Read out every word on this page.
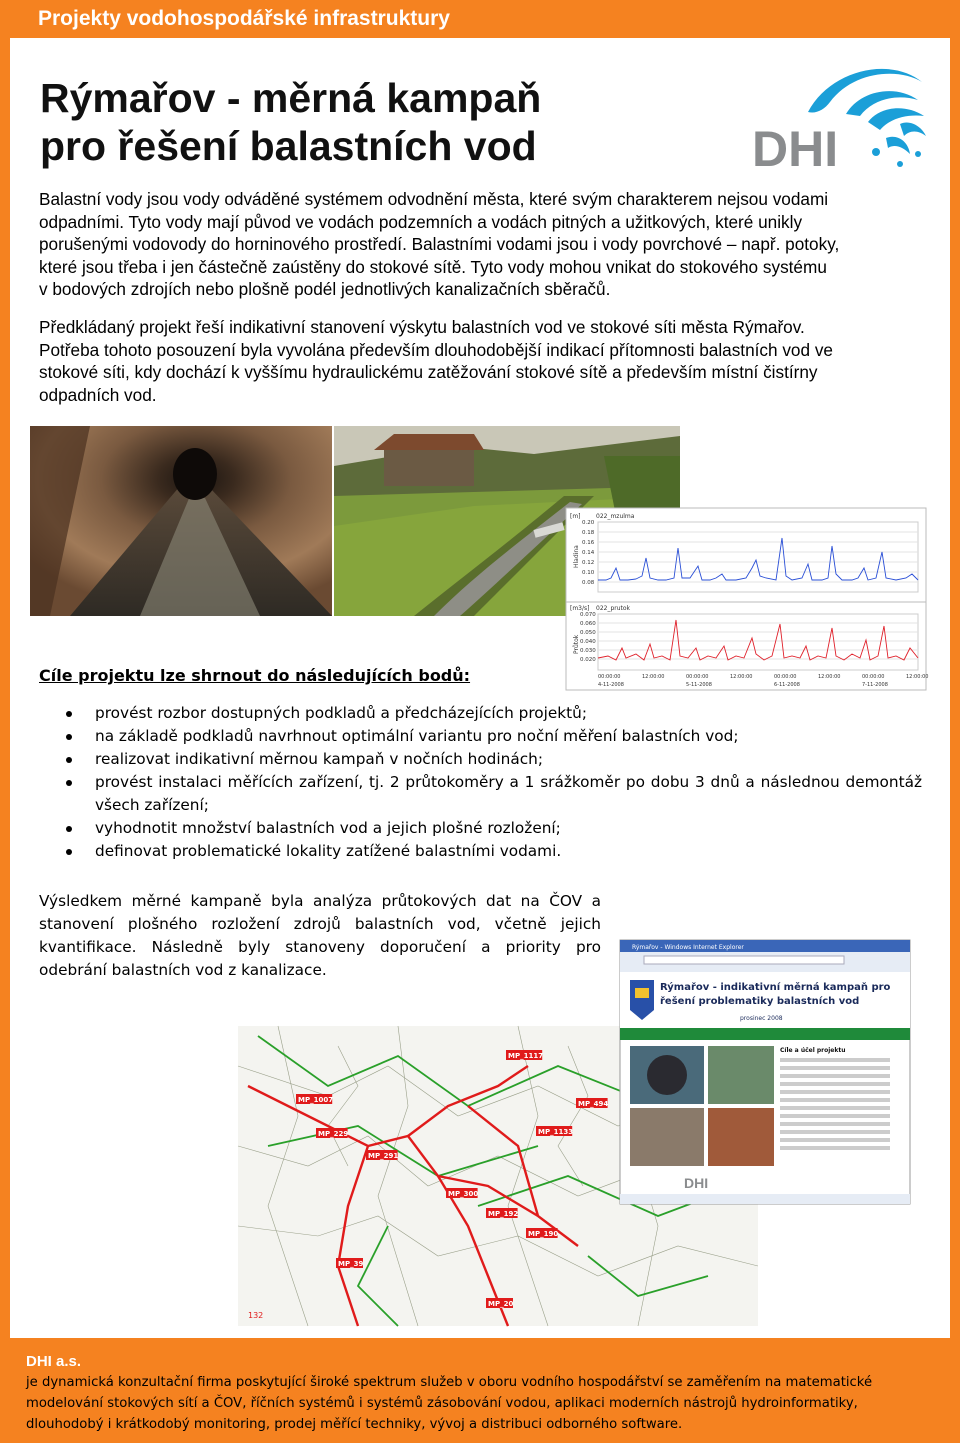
Projekty vodohospodářské infrastruktury
Rýmařov - měrná kampaň
pro řešení balastních vod	DHI
Balastní vody jsou vody odváděné systémem odvodnění města, které svým charakterem nejsou vodami
odpadními. Tyto vody mají původ ve vodách podzemních a vodách pitných a užitkových, které unikly
porušenými vodovody do horninového prostředí. Balastními vodami jsou i vody povrchové – např. potoky,
které jsou třeba i jen částečně zaústěny do stokové sítě. Tyto vody mohou vnikat do stokového systému
v bodových zdrojích nebo plošně podél jednotlivých kanalizačních sběračů.
Předkládaný projekt řeší indikativní stanovení výskytu balastních vod ve stokové síti města Rýmařov.
Potřeba tohoto posouzení byla vyvolána především dlouhodobější indikací přítomnosti balastních vod ve
stokové síti, kdy dochází k vyššímu hydraulickému zatěžování stokové sítě a především místní čistírny
odpadních vod.
[m]	022_mzulma
Hladina
0.20
0.18
0.16
0.14
0.12
0.10
0.08
[m3/s] 022_prutok
Průtok
0.070
0.060
0.050
0.040
0.030
0.020
00:00:00	12:00:00	00:00:00	12:00:00	00:00:00	12:00:00	00:00:00	12:00:00
4-11-2008	5-11-2008	6-11-2008	7-11-2008
Cíle projektu lze shrnout do následujících bodů:
provést rozbor dostupných podkladů a předcházejících projektů;
na základě podkladů navrhnout optimální variantu pro noční měření balastních vod;
realizovat indikativní měrnou kampaň v nočních hodinách;
provést instalaci měřících zařízení, tj. 2 průtokoměry a 1 srážkoměr po dobu 3 dnů a následnou demontáž všech zařízení;
vyhodnotit množství balastních vod a jejich plošné rozložení;
definovat problematické lokality zatížené balastními vodami.
Výsledkem měrné kampaně byla analýza průtokových dat na ČOV a stanovení plošného rozložení zdrojů balastních vod, včetně jejich kvantifikace. Následně byly stanoveny doporučení a priority pro odebrání balastních vod z kanalizace.
MP_1007
MP_1117
MP_494
MP_1133
MP_229
MP_291
MP_300
MP_192
MP_190
MP_39
MP_20
132
Rýmařov - Windows Internet Explorer
Rýmařov - indikativní měrná kampaň pro
řešení problematiky balastních vod
prosinec 2008
Cíle a účel projektu
DHI
DHI a.s.
je dynamická konzultační firma poskytující široké spektrum služeb v oboru vodního hospodářství se zaměřením na matematické
modelování stokových sítí a ČOV, říčních systémů i systémů zásobování vodou, aplikaci moderních nástrojů hydroinformatiky,
dlouhodobý i krátkodobý monitoring, prodej měřící techniky, vývoj a distribuci odborného software.
